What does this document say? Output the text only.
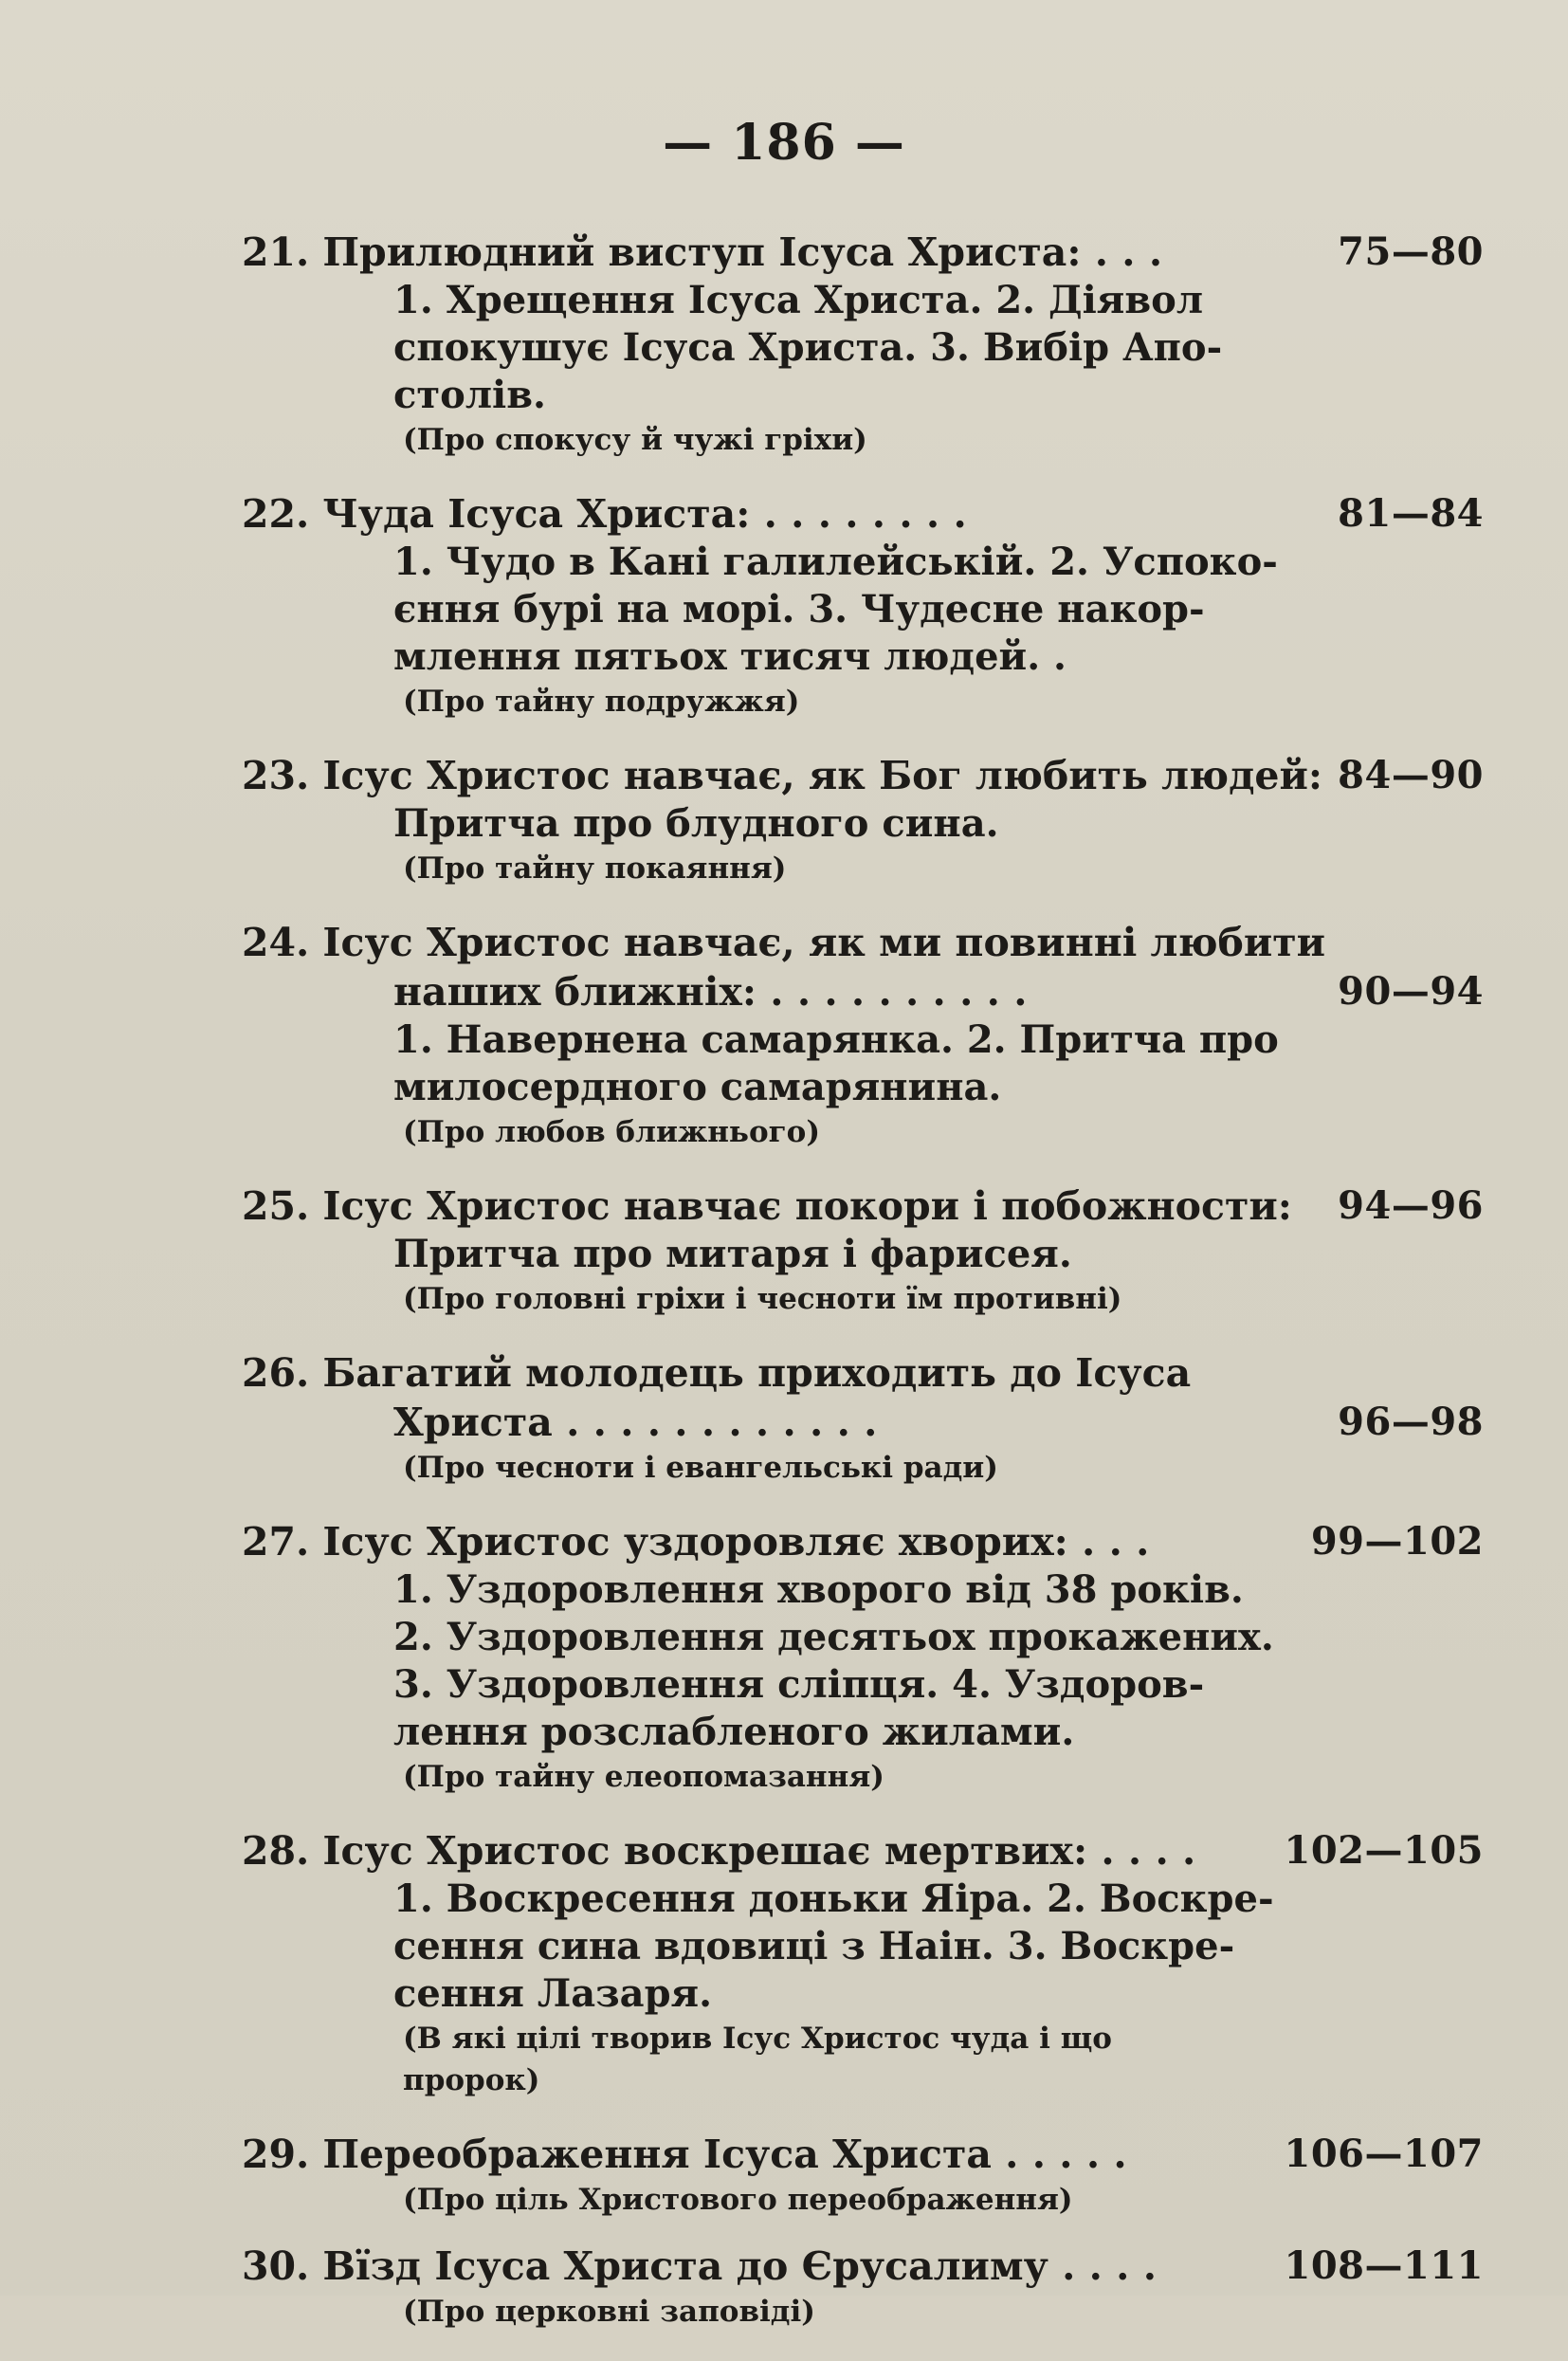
— 186 —
21. Прилюдний виступ Ісуса Христа: . . .	75—80
1. Хрещення Ісуса Христа. 2. Діявол
спокушує Ісуса Христа. 3. Вибір Апо-
столів.
(Про спокусу й чужі гріхи)
22. Чуда Ісуса Христа: . . . . . . . .	81—84
1. Чудо в Кані галилейській. 2. Успоко-
єння бурі на морі. 3. Чудесне накор-
млення пятьох тисяч людей. .
(Про тайну подружжя)
23. Ісус Христос навчає, як Бог любить людей: 84—90
Притча про блудного сина.
(Про тайну покаяння)
24. Ісус Христос навчає, як ми повинні любити
наших ближніх: . . . . . . . . . .	90—94
1. Навернена самарянка. 2. Притча про
милосердного самарянина.
(Про любов ближнього)
25. Ісус Христос навчає покори і побожности: 94—96
Притча про митаря і фарисея.
(Про головні гріхи і чесноти їм противні)
26. Багатий молодець приходить до Ісуса
Христа . . . . . . . . . . . .	96—98
(Про чесноти і евангельські ради)
27. Ісус Христос уздоровляє хворих: . . .	99—102
1. Уздоровлення хворого від 38 років.
2. Уздоровлення десятьох прокажених.
3. Уздоровлення сліпця. 4. Уздоров-
лення розслабленого жилами.
(Про тайну елеопомазання)
28. Ісус Христос воскрешає мертвих: . . . .	102—105
1. Воскресення доньки Яіра. 2. Воскре-
сення сина вдовиці з Наін. 3. Воскре-
сення Лазаря.
(В які цілі творив Ісус Христос чуда і що
пророк)
29. Переображення Ісуса Христа . . . . .	106—107
(Про ціль Христового переображення)
30. Вїзд Ісуса Христа до Єрусалиму . . . .	108—111
(Про церковні заповіді)
